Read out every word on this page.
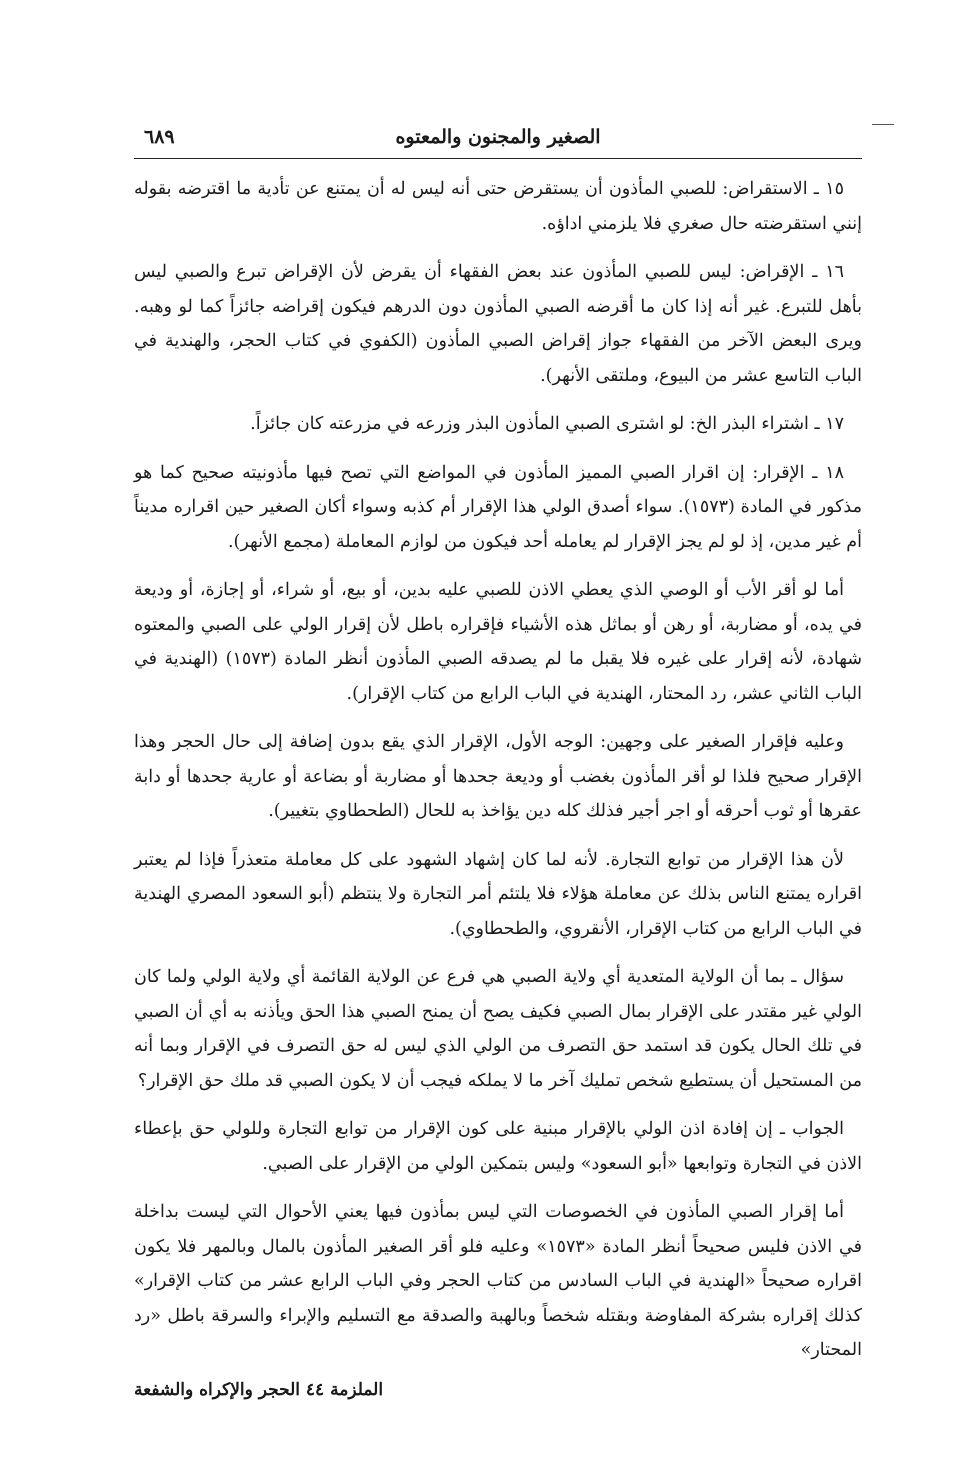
٦٨٩	الصغير والمجنون والمعتوه

١٥ ـ الاستقراض: للصبي المأذون أن يستقرض حتى أنه ليس له أن يمتنع عن تأدية ما اقترضه بقوله إنني استقرضته حال صغري فلا يلزمني اداؤه.

١٦ ـ الإقراض: ليس للصبي المأذون عند بعض الفقهاء أن يقرض لأن الإقراض تبرع والصبي ليس بأهل للتبرع. غير أنه إذا كان ما أقرضه الصبي المأذون دون الدرهم فيكون إقراضه جائزاً كما لو وهبه. ويرى البعض الآخر من الفقهاء جواز إقراض الصبي المأذون (الكفوي في كتاب الحجر، والهندية في الباب التاسع عشر من البيوع، وملتقى الأنهر).

١٧ ـ اشتراء البذر الخ: لو اشترى الصبي المأذون البذر وزرعه في مزرعته كان جائزاً.

١٨ ـ الإقرار: إن اقرار الصبي المميز المأذون في المواضع التي تصح فيها مأذونيته صحيح كما هو مذكور في المادة (١٥٧٣). سواء أصدق الولي هذا الإقرار أم كذبه وسواء أكان الصغير حين اقراره مديناً أم غير مدين، إذ لو لم يجز الإقرار لم يعامله أحد فيكون من لوازم المعاملة (مجمع الأنهر).

أما لو أقر الأب أو الوصي الذي يعطي الاذن للصبي عليه بدين، أو بيع، أو شراء، أو إجازة، أو وديعة في يده، أو مضاربة، أو رهن أو بماثل هذه الأشياء فإقراره باطل لأن إقرار الولي على الصبي والمعتوه شهادة، لأنه إقرار على غيره فلا يقبل ما لم يصدقه الصبي المأذون أنظر المادة (١٥٧٣) (الهندية في الباب الثاني عشر، رد المحتار، الهندية في الباب الرابع من كتاب الإقرار).

وعليه فإقرار الصغير على وجهين: الوجه الأول، الإقرار الذي يقع بدون إضافة إلى حال الحجر وهذا الإقرار صحيح فلذا لو أقر المأذون بغضب أو وديعة جحدها أو مضاربة أو بضاعة أو عارية جحدها أو دابة عقرها أو ثوب أحرقه أو اجر أجير فذلك كله دين يؤاخذ به للحال (الطحطاوي بتغيير).

لأن هذا الإقرار من توابع التجارة. لأنه لما كان إشهاد الشهود على كل معاملة متعذراً فإذا لم يعتبر اقراره يمتنع الناس بذلك عن معاملة هؤلاء فلا يلتئم أمر التجارة ولا ينتظم (أبو السعود المصري الهندية في الباب الرابع من كتاب الإقرار، الأنقروي، والطحطاوي).

سؤال ـ بما أن الولاية المتعدية أي ولاية الصبي هي فرع عن الولاية القائمة أي ولاية الولي ولما كان الولي غير مقتدر على الإقرار بمال الصبي فكيف يصح أن يمنح الصبي هذا الحق ويأذنه به أي أن الصبي في تلك الحال يكون قد استمد حق التصرف من الولي الذي ليس له حق التصرف في الإقرار وبما أنه من المستحيل أن يستطيع شخص تمليك آخر ما لا يملكه فيجب أن لا يكون الصبي قد ملك حق الإقرار؟

الجواب ـ إن إفادة اذن الولي بالإقرار مبنية على كون الإقرار من توابع التجارة وللولي حق بإعطاء الاذن في التجارة وتوابعها «أبو السعود» وليس بتمكين الولي من الإقرار على الصبي.

أما إقرار الصبي المأذون في الخصوصات التي ليس بمأذون فيها يعني الأحوال التي ليست بداخلة في الاذن فليس صحيحاً أنظر المادة «١٥٧٣» وعليه فلو أقر الصغير المأذون بالمال وبالمهر فلا يكون اقراره صحيحاً «الهندية في الباب السادس من كتاب الحجر وفي الباب الرابع عشر من كتاب الإقرار» كذلك إقراره بشركة المفاوضة وبقتله شخصاً وبالهبة والصدقة مع التسليم والإبراء والسرقة باطل «رد المحتار»

الملزمة ٤٤ الحجر والإكراه والشفعة
